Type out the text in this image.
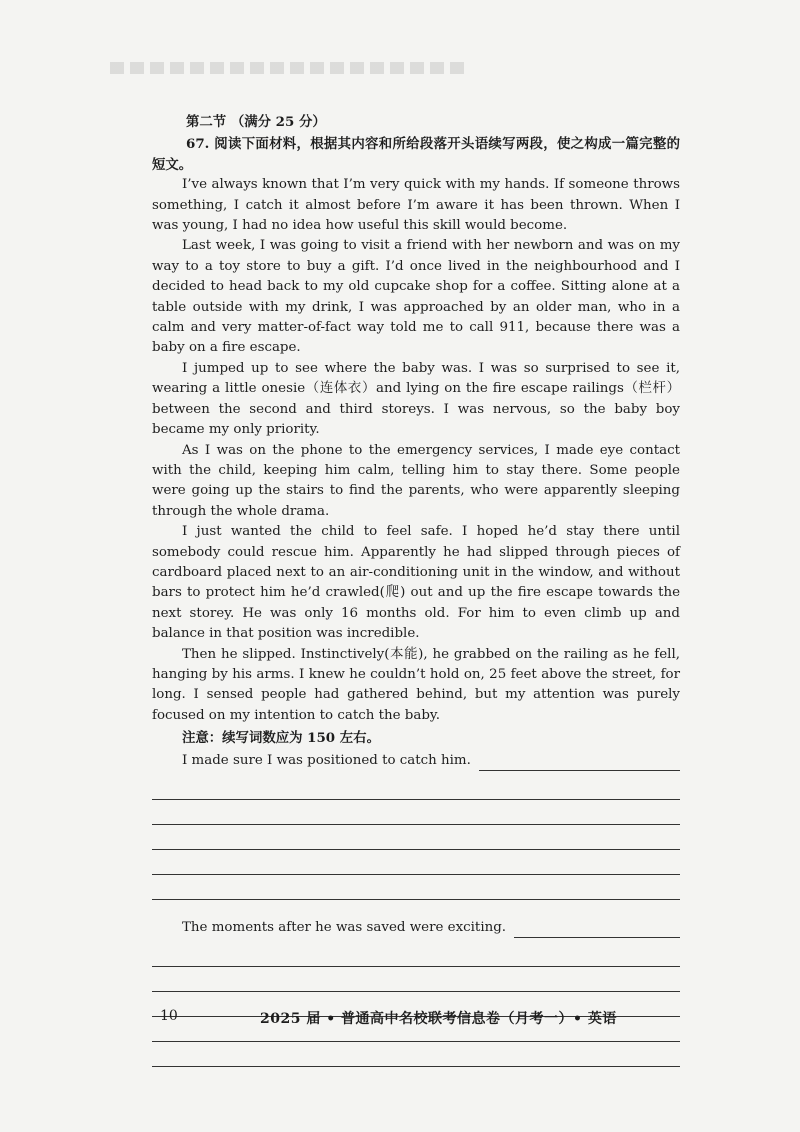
第二节 （满分 25 分）

67. 阅读下面材料，根据其内容和所给段落开头语续写两段，使之构成一篇完整的短文。

I’ve always known that I’m very quick with my hands. If someone throws something, I catch it almost before I’m aware it has been thrown. When I was young, I had no idea how useful this skill would become.

Last week, I was going to visit a friend with her newborn and was on my way to a toy store to buy a gift. I’d once lived in the neighbourhood and I decided to head back to my old cupcake shop for a coffee. Sitting alone at a table outside with my drink, I was approached by an older man, who in a calm and very matter-of-fact way told me to call 911, because there was a baby on a fire escape.

I jumped up to see where the baby was. I was so surprised to see it, wearing a little onesie（连体衣）and lying on the fire escape railings（栏杆）between the second and third storeys. I was nervous, so the baby boy became my only priority.

As I was on the phone to the emergency services, I made eye contact with the child, keeping him calm, telling him to stay there. Some people were going up the stairs to find the parents, who were apparently sleeping through the whole drama.

I just wanted the child to feel safe. I hoped he’d stay there until somebody could rescue him. Apparently he had slipped through pieces of cardboard placed next to an air-conditioning unit in the window, and without bars to protect him he’d crawled(爬) out and up the fire escape towards the next storey. He was only 16 months old. For him to even climb up and balance in that position was incredible.

Then he slipped. Instinctively(本能), he grabbed on the railing as he fell, hanging by his arms. I knew he couldn’t hold on, 25 feet above the street, for long. I sensed people had gathered behind, but my attention was purely focused on my intention to catch the baby.

注意：续写词数应为 150 左右。
I made sure I was positioned to catch him.
The moments after he was saved were exciting.
10	2025 届 • 普通高中名校联考信息卷（月考一）• 英语
